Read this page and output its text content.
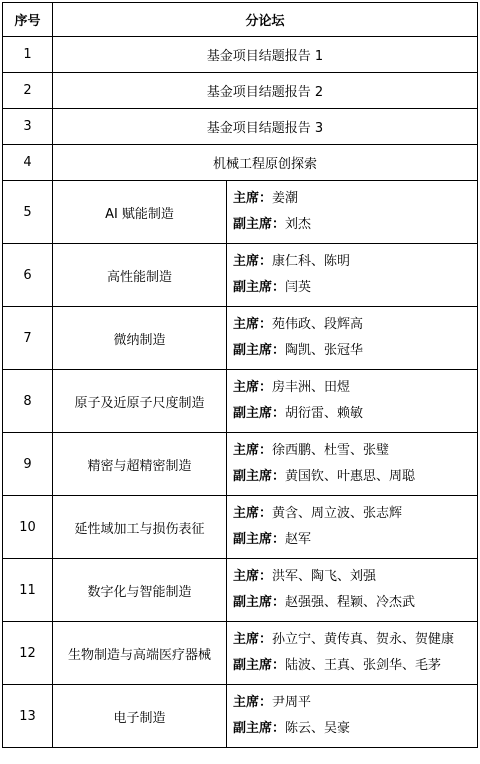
序号	分论坛	
1	基金项目结题报告 1	
2	基金项目结题报告 2	
3	基金项目结题报告 3	
4	机械工程原创探索	
5	AI 赋能制造	主席：姜潮
副主席：刘杰

6	高性能制造	主席：康仁科、陈明
副主席：闫英

7	微纳制造	主席：苑伟政、段辉高
副主席：陶凯、张冠华

8	原子及近原子尺度制造	主席：房丰洲、田煜
副主席：胡衍雷、赖敏

9	精密与超精密制造	主席：徐西鹏、杜雪、张璧
副主席：黄国钦、叶惠思、周聪

10	延性域加工与损伤表征	主席：黄含、周立波、张志辉
副主席：赵军

11	数字化与智能制造	主席：洪军、陶飞、刘强
副主席：赵强强、程颖、冷杰武

12	生物制造与高端医疗器械	主席：孙立宁、黄传真、贺永、贺健康
副主席：陆波、王真、张剑华、毛茅

13	电子制造	主席：尹周平
副主席：陈云、吴豪
